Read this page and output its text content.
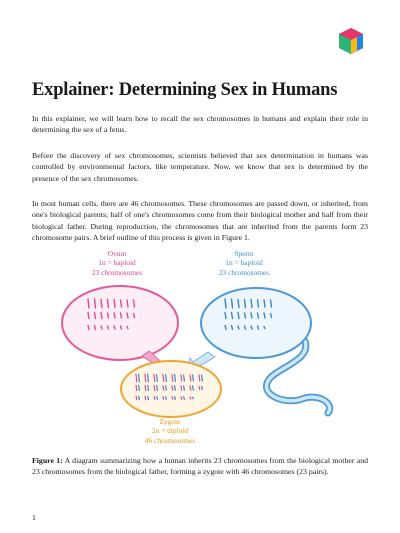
Explainer: Determining Sex in Humans

In this explainer, we will learn how to recall the sex chromosomes in humans and explain their role in determining the sex of a fetus.

Before the discovery of sex chromosomes, scientists believed that sex determination in humans was controlled by environmental factors, like temperature. Now, we know that sex is determined by the presence of the sex chromosomes.

In most human cells, there are 46 chromosomes. These chromosomes are passed down, or inherited, from one's biological parents; half of one's chromosomes come from their biological mother and half from their biological father. During reproduction, the chromosomes that are inherited from the parents form 23 chromosome pairs. A brief outline of this process is given in Figure 1.

Ovum
1n = haploid
23 chromosomes
Sperm
1n = haploid
23 chromosomes
Zygote
2n = diploid
46 chromosomes

Figure 1: A diagram summarizing how a human inherits 23 chromosomes from the biological mother and 23 chromosomes from the biological father, forming a zygote with 46 chromosomes (23 pairs).

1
